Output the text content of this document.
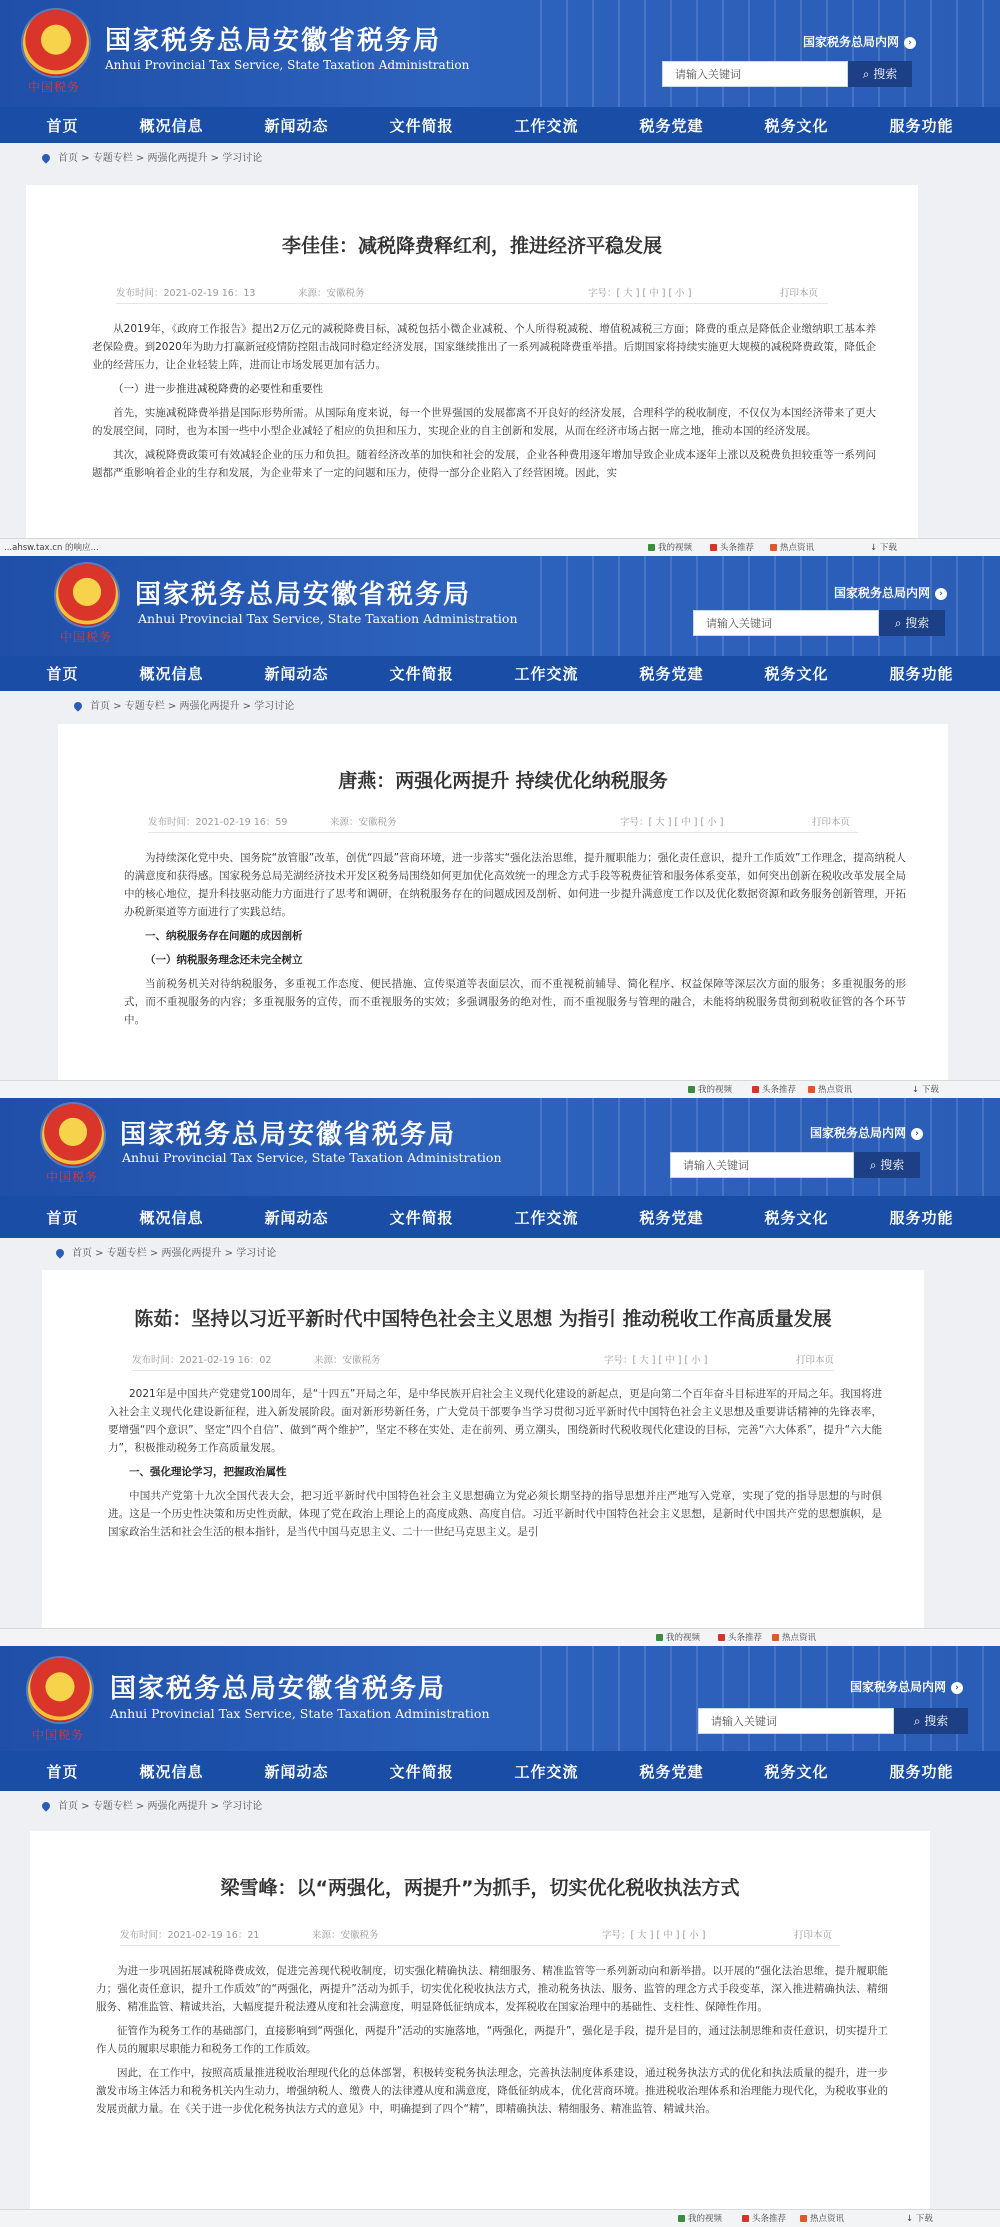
中国税务
国家税务总局安徽省税务局
Anhui Provincial Tax Service, State Taxation Administration
国家税务总局内网 ›
请输入关键词	⌕ 搜索
首页	概况信息	新闻动态	文件简报	工作交流	税务党建	税务文化	服务功能
首页 > 专题专栏 > 两强化两提升 > 学习讨论
李佳佳：减税降费释红利，推进经济平稳发展
发布时间：2021-02-19 16：13	来源：安徽税务	字号：[ 大 ] [ 中 ] [ 小 ]	打印本页

从2019年，《政府工作报告》提出2万亿元的减税降费目标，减税包括小微企业减税、个人所得税减税、增值税减税三方面；降费的重点是降低企业缴纳职工基本养老保险费。到2020年为助力打赢新冠疫情防控阻击战同时稳定经济发展，国家继续推出了一系列减税降费重举措。后期国家将持续实施更大规模的减税降费政策，降低企业的经营压力，让企业轻装上阵，进而让市场发展更加有活力。

（一）进一步推进减税降费的必要性和重要性

首先，实施减税降费举措是国际形势所需。从国际角度来说，每一个世界强国的发展都离不开良好的经济发展，合理科学的税收制度，不仅仅为本国经济带来了更大的发展空间，同时，也为本国一些中小型企业减轻了相应的负担和压力，实现企业的自主创新和发展，从而在经济市场占据一席之地，推动本国的经济发展。

其次，减税降费政策可有效减轻企业的压力和负担。随着经济改革的加快和社会的发展，企业各种费用逐年增加导致企业成本逐年上涨以及税费负担较重等一系列问题都严重影响着企业的生存和发展，为企业带来了一定的问题和压力，使得一部分企业陷入了经营困境。因此，实

...ahsw.tax.cn 的响应...	我的视频	头条推荐	热点资讯	↓ 下载
中国税务
国家税务总局安徽省税务局
Anhui Provincial Tax Service, State Taxation Administration
国家税务总局内网 ›
请输入关键词	⌕ 搜索
首页	概况信息	新闻动态	文件简报	工作交流	税务党建	税务文化	服务功能
首页 > 专题专栏 > 两强化两提升 > 学习讨论
唐燕：两强化两提升 持续优化纳税服务
发布时间：2021-02-19 16：59	来源：安徽税务	字号：[ 大 ] [ 中 ] [ 小 ]	打印本页

为持续深化党中央、国务院“放管服”改革，创优“四最”营商环境，进一步落实“强化法治思维，提升履职能力；强化责任意识，提升工作质效”工作理念，提高纳税人的满意度和获得感。国家税务总局芜湖经济技术开发区税务局围绕如何更加优化高效统一的理念方式手段等税费征管和服务体系变革，如何突出创新在税收改革发展全局中的核心地位，提升科技驱动能力方面进行了思考和调研，在纳税服务存在的问题成因及剖析、如何进一步提升满意度工作以及优化数据资源和政务服务创新管理，开拓办税新渠道等方面进行了实践总结。

一、纳税服务存在问题的成因剖析

（一）纳税服务理念还未完全树立

当前税务机关对待纳税服务，多重视工作态度、便民措施、宣传渠道等表面层次，而不重视税前辅导、简化程序、权益保障等深层次方面的服务；多重视服务的形式，而不重视服务的内容；多重视服务的宣传，而不重视服务的实效；多强调服务的绝对性，而不重视服务与管理的融合，未能将纳税服务贯彻到税收征管的各个环节中。

我的视频	头条推荐	热点资讯	↓ 下载
中国税务
国家税务总局安徽省税务局
Anhui Provincial Tax Service, State Taxation Administration
国家税务总局内网 ›
请输入关键词	⌕ 搜索
首页	概况信息	新闻动态	文件简报	工作交流	税务党建	税务文化	服务功能
首页 > 专题专栏 > 两强化两提升 > 学习讨论
陈茹：坚持以习近平新时代中国特色社会主义思想 为指引 推动税收工作高质量发展
发布时间：2021-02-19 16：02	来源：安徽税务	字号：[ 大 ] [ 中 ] [ 小 ]	打印本页

2021年是中国共产党建党100周年，是“十四五”开局之年，是中华民族开启社会主义现代化建设的新起点，更是向第二个百年奋斗目标进军的开局之年。我国将进入社会主义现代化建设新征程，进入新发展阶段。面对新形势新任务，广大党员干部要争当学习贯彻习近平新时代中国特色社会主义思想及重要讲话精神的先锋表率，要增强“四个意识”、坚定“四个自信”、做到“两个维护”，坚定不移在实处、走在前列、勇立潮头，围绕新时代税收现代化建设的目标，完善“六大体系”，提升“六大能力”，积极推动税务工作高质量发展。

一、强化理论学习，把握政治属性

中国共产党第十九次全国代表大会，把习近平新时代中国特色社会主义思想确立为党必须长期坚持的指导思想并庄严地写入党章，实现了党的指导思想的与时俱进。这是一个历史性决策和历史性贡献，体现了党在政治上理论上的高度成熟、高度自信。习近平新时代中国特色社会主义思想，是新时代中国共产党的思想旗帜，是国家政治生活和社会生活的根本指针，是当代中国马克思主义、二十一世纪马克思主义。是引

我的视频	头条推荐	热点资讯
中国税务
国家税务总局安徽省税务局
Anhui Provincial Tax Service, State Taxation Administration
国家税务总局内网 ›
请输入关键词	⌕ 搜索
首页	概况信息	新闻动态	文件简报	工作交流	税务党建	税务文化	服务功能
首页 > 专题专栏 > 两强化两提升 > 学习讨论
梁雪峰：以“两强化，两提升”为抓手，切实优化税收执法方式
发布时间：2021-02-19 16：21	来源：安徽税务	字号：[ 大 ] [ 中 ] [ 小 ]	打印本页

为进一步巩固拓展减税降费成效，促进完善现代税收制度，切实强化精确执法、精细服务、精准监管等一系列新动向和新举措。以开展的“强化法治思维，提升履职能力；强化责任意识，提升工作质效”的“两强化，两提升”活动为抓手，切实优化税收执法方式，推动税务执法、服务、监管的理念方式手段变革，深入推进精确执法、精细服务、精准监管、精诚共治，大幅度提升税法遵从度和社会满意度，明显降低征纳成本，发挥税收在国家治理中的基础性、支柱性、保障性作用。

征管作为税务工作的基础部门，直接影响到“两强化，两提升”活动的实施落地，“两强化，两提升”，强化是手段，提升是目的，通过法制思维和责任意识，切实提升工作人员的履职尽职能力和税务工作的工作质效。

因此，在工作中，按照高质量推进税收治理现代化的总体部署，积极转变税务执法理念，完善执法制度体系建设，通过税务执法方式的优化和执法质量的提升，进一步激发市场主体活力和税务机关内生动力，增强纳税人、缴费人的法律遵从度和满意度，降低征纳成本，优化营商环境。推进税收治理体系和治理能力现代化，为税收事业的发展贡献力量。在《关于进一步优化税务执法方式的意见》中，明确提到了四个“精”，即精确执法、精细服务、精准监管、精诚共治。

我的视频	头条推荐	热点资讯	↓ 下载
